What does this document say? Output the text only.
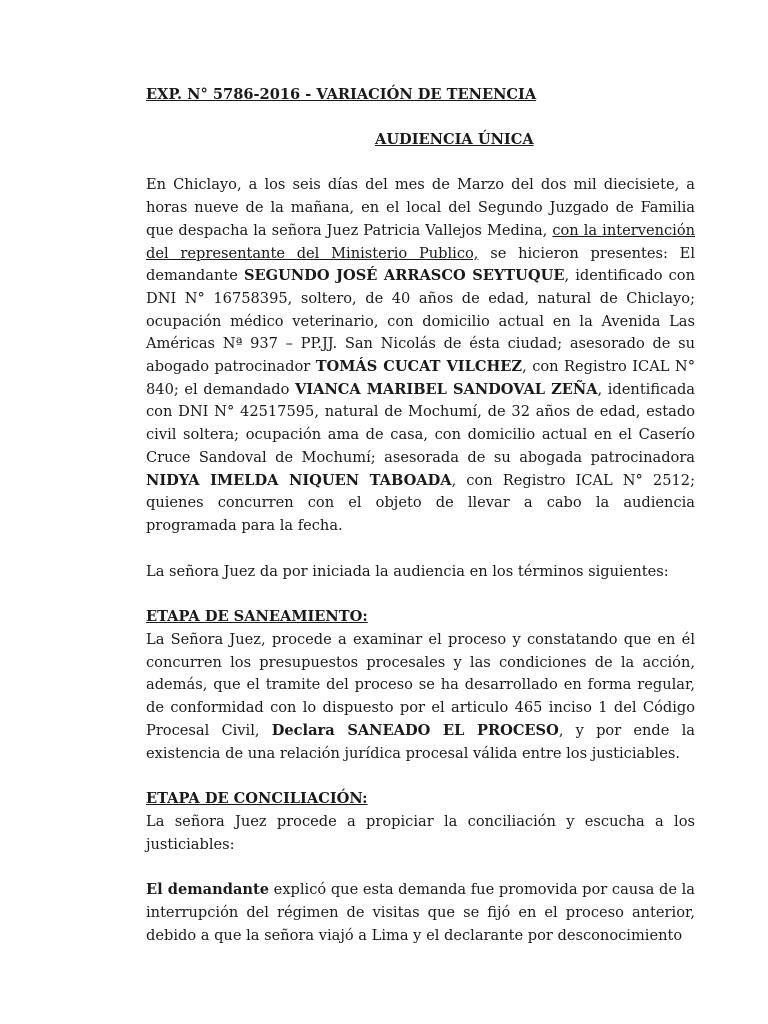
EXP. N° 5786-2016 - VARIACIÓN DE TENENCIA

AUDIENCIA ÚNICA

En Chiclayo, a los seis días del mes de Marzo del dos mil diecisiete, a horas nueve de la mañana, en el local del Segundo Juzgado de Familia que despacha la señora Juez Patricia Vallejos Medina, con la intervención del representante del Ministerio Publico, se hicieron presentes: El demandante SEGUNDO JOSÉ ARRASCO SEYTUQUE, identificado con DNI N° 16758395, soltero, de 40 años de edad, natural de Chiclayo; ocupación médico veterinario, con domicilio actual en la Avenida Las Américas Nª 937 – PP.JJ. San Nicolás de ésta ciudad; asesorado de su abogado patrocinador TOMÁS CUCAT VILCHEZ, con Registro ICAL N° 840; el demandado VIANCA MARIBEL SANDOVAL ZEÑA, identificada con DNI N° 42517595, natural de Mochumí, de 32 años de edad, estado civil soltera; ocupación ama de casa, con domicilio actual en el Caserío Cruce Sandoval de Mochumí; asesorada de su abogada patrocinadora NIDYA IMELDA NIQUEN TABOADA, con Registro ICAL N° 2512; quienes concurren con el objeto de llevar a cabo la audiencia programada para la fecha.

La señora Juez da por iniciada la audiencia en los términos siguientes:

ETAPA DE SANEAMIENTO:

La Señora Juez, procede a examinar el proceso y constatando que en él concurren los presupuestos procesales y las condiciones de la acción, además, que el tramite del proceso se ha desarrollado en forma regular, de conformidad con lo dispuesto por el articulo 465 inciso 1 del Código Procesal Civil, Declara SANEADO EL PROCESO, y por ende la existencia de una relación jurídica procesal válida entre los justiciables.

ETAPA DE CONCILIACIÓN:

La señora Juez procede a propiciar la conciliación y escucha a los justiciables:

El demandante explicó que esta demanda fue promovida por causa de la interrupción del régimen de visitas que se fijó en el proceso anterior, debido a que la señora viajó a Lima y el declarante por desconocimiento
